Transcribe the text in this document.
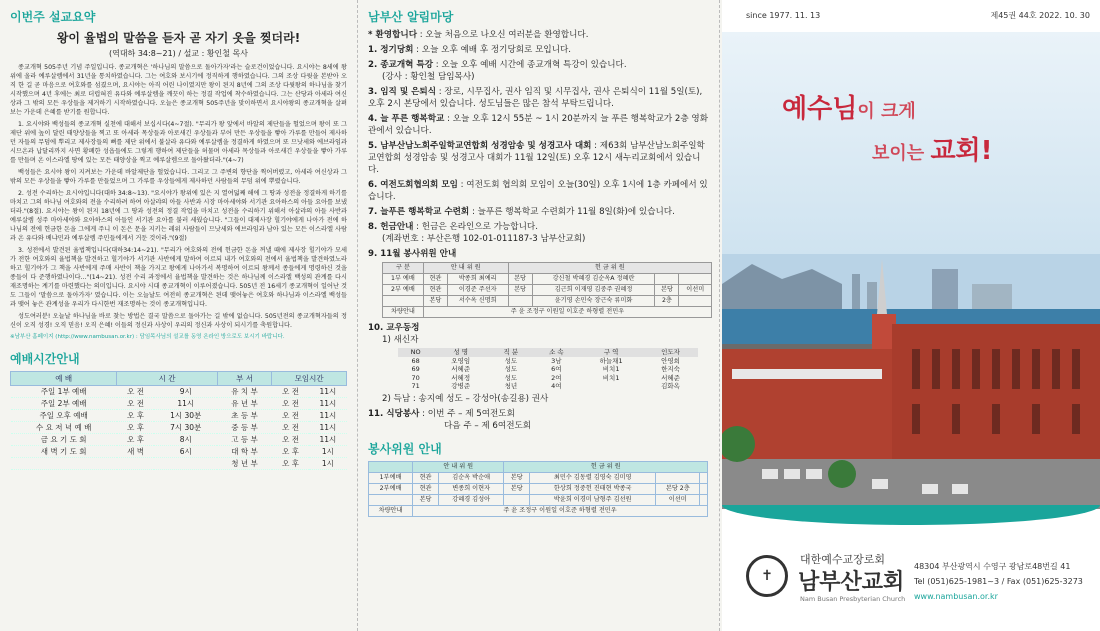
이번주 설교요약
왕이 율법의 말씀을 듣자 곧 자기 옷을 찢더라!
(역대하 34:8~21) / 설교 : 황인철 목사

종교개혁 505주년 기념 주일입니다. 종교개혁은 '하나님의 말씀으로 돌아가자'라는 슬로건이었습니다. 요시야는 8세에 왕위에 올라 예루살렘에서 31년을 통치하였습니다. 그는 여호와 보시기에 정직하게 행하였습니다. 그의 조상 다윗을 본받아 오직 한 길 곧 마음으로 여호와를 섬겼으며, 요시야는 아직 어린 나이였지만 왕이 된지 8년에 그의 조상 다윗왕의 하나님을 찾기 시작했으며 4년 후에는 최로 더럽혀진 유다와 예루살렘을 깨끗이 하는 정결 작업에 착수하였습니다. 그는 산당과 아세라 여신상과 그 밖의 모든 우상들을 제거하기 시작하였습니다. 오늘은 종교개혁 505주년을 맞이하면서 요시야왕의 종교개혁을 살펴보는 가운데 은혜를 받기를 원합니다.

1. 요시야와 백성들의 종교개혁 실천에 대해서 보십시다(4~7절). "무리가 왕 앞에서 바알의 제단들을 헐었으며 왕이 또 그 제단 위에 높이 달린 태양상들을 찍고 또 아세라 목상들과 아로새긴 우상들과 부어 만든 우상들을 빻아 가루를 만들어 제사하던 자들의 무덤에 뿌리고 제사장들의 뼈를 제단 위에서 불살라 유다와 예루살렘을 정결하게 하였으며 또 므낫세와 에브라임과 시므온과 납달리까지 사면 황폐한 성읍들에도 그렇게 행하여 제단들을 허물며 아세라 목상들과 아로새긴 우상들을 빻아 가루를 만들며 온 이스라엘 땅에 있는 모든 태양상을 찍고 예루살렘으로 돌아왔더라."(4~7)

백성들은 요시야 왕이 지켜보는 가운데 바알제단을 헐었습니다. 그리고 그 주변의 향단을 찍어버렸고, 아세라 여신상과 그 밖의 모든 우상들을 빻아 가루를 만들었으며 그 가루를 우상들에게 제사하던 사람들의 무덤 위에 뿌렸습니다.

2. 성전 수리하는 요시야입니다(대하 34:8~13). "요시야가 왕위에 있은 지 열여덟째 해에 그 땅과 성전을 정결하게 하기를 마치고 그의 하나님 여호와의 전을 수리하려 하여 아살랴의 아들 사반과 시장 마아세야와 서기관 요아하스의 아들 요아를 보냈더라."(8절). 요시야는 왕이 된지 18년에 그 땅과 성전의 정결 작업을 마치고 성전을 수리하기 위해서 아살랴의 아들 사반과 예루살렘 성주 마아세야와 요아하스의 아들인 서기관 요아를 불러 세웠습니다. "그들이 대제사장 힐기야에게 나아가 전에 하나님의 전에 헌금한 돈을 그에게 주니 이 돈은 문을 지키는 레위 사람들이 므낫세와 에브라임과 남아 있는 모든 이스라엘 사람과 온 유다와 베냐민과 예루살렘 주민들에게서 거둔 것이라."(9절)

3. 성전에서 발견된 율법책입니다(대하34:14~21). "무리가 여호와의 전에 헌금한 돈을 꺼낼 때에 제사장 힐기야가 모세가 전한 여호와의 율법책을 발견하고 힐기야가 서기관 사반에게 말하여 이르되 내가 여호와의 전에서 율법책을 발견하였노라 하고 힐기야가 그 책을 사반에게 주매 사반이 책을 가지고 왕에게 나아가서 복명하여 이르되 왕께서 종들에게 명령하신 것을 종들이 다 준행하였나이다..."(14~21). 성전 수리 과정에서 율법책을 발견하는 것은 하나님께 이스라엘 백성의 관계를 다시 재조명하는 계기를 마련했다는 의미입니다. 요시야 시대 종교개혁이 이루어졌습니다. 505년 전 16세기 종교개혁이 일어난 것도 그들이 '말씀으로 돌아가자' 였습니다. 이는 오늘날도 여전히 종교개혁은 된데 맺어놓은 여호와 하나님과 이스라엘 백성들과 맺어 놓은 관계성을 우리가 다시한번 재조명하는 것이 종교개혁입니다.

성도여러분! 오늘날 하나님을 바로 찾는 방법은 결국 말씀으로 돌아가는 길 밖에 없습니다. 505년전의 종교개혁자들의 정신이 오직 성경! 오직 믿음! 오직 은혜! 이들의 정신과 사상이 우리의 정신과 사상이 되시기를 축원합니다.

※남부산 홈페이지 (http://www.nambusan.or.kr) : 담임목사님의 설교를 동영 온라인 방으로도 보시기 바랍니다.

예배시간안내
예 배	시 간		부 서	모임시간	
주일 1부 예배	오 전	9시	유 치 부	오 전	11시
주일 2부 예배	오 전	11시	유 년 부	오 전	11시
주일 오후 예배	오 후	1시 30분	초 등 부	오 전	11시
수 요 저 녁 예 배	오 후	7시 30분	중 등 부	오 전	11시
금 요 기 도 회	오 후	8시	고 등 부	오 전	11시
새 벽 기 도 회	새 벽	6시	대 학 부	오 후	1시
			청 년 부	오 후	1시
남부산 알림마당
* 환영합니다 : 오늘 처음으로 나오신 여러분을 환영합니다.
1. 정기당회 : 오늘 오후 예배 후 정기당회로 모입니다.
2. 종교개혁 특강 : 오늘 오후 예배 시간에 종교개혁 특강이 있습니다.
(강사 : 황인철 담임목사)
3. 임직 및 은퇴식 : 장로, 시무집사, 권사 임직 및 시무집사, 권사 은퇴식이 11월 5일(토), 오후 2시 본당에서 있습니다. 성도님들은 많은 참석 부탁드립니다.
4. 늘 푸른 행복학교 : 오늘 오후 12시 55분 ~ 1시 20분까지 늘 푸른 행복학교가 2층 영화관에서 있습니다.
5. 남부산남노회주일학교연합회 성경암송 및 성경고사 대회 : 제63회 남부산남노회주일학교연합회 성경암송 및 성경고사 대회가 11월 12일(토) 오후 12시 새누리교회에서 있습니다.
6. 여전도회협의회 모임 : 여전도회 협의회 모임이 오늘(30일) 오후 1시에 1층 카페에서 있습니다.
7. 늘푸른 행복학교 수련회 : 늘푸른 행복학교 수련회가 11월 8일(화)에 있습니다.
8. 헌금안내 : 헌금은 온라인으로 가능합니다.
(계좌번호 : 부산은행 102-01-011187-3 남부산교회)
9. 11월 봉사위원 안내
구 분	안 내 위 원		헌 금 위 원			
1부 예배	현관	박종희 최예리	본당	강신철 박혜경 김순옥A 정혜란		
2부 예배	현관	이경준 주선자	본당	김근희 이재영 김중주 권혜정	본당	이선미
	본당	서수옥 신명희		윤기영 손민숙 장근숙 류미화	2층	
차량안내	주 윤 조정구 이원일 이호준 하형렬 전민우					
10. 교우동정
1) 새신자
NO	성 명	직 분	소 속	구 역	인도자
68	오영임	성도	3남	하늘채1	안영희
69	서혜준	성도	6여	비치1	한지숙
70	서혜정	성도	2여	비치1	서혜준
71	강병준	청년	4여		김화옥
2) 득남 : 송지예 성도 – 강성아(송길용) 권사
11. 식당봉사 : 이번 주 – 제 5여전도회
다음 주 – 제 6여전도회
봉사위원 안내
	안 내 위 원		헌 금 위 원			
1부예배	현관	김순옥 박순애	본당	최민수 김동렬 김영숙 김미영		
2부예배	현관	변종희 이현자	본당	한상희 정중헌 진태현 박종국	본당 2층	
	본당	강혜경 김성아		박윤희 이경미 남형주 김선원	이선미	
차량안내	주 윤 조정구 이원일 이호준 하형렬 전민우					
since 1977. 11. 13	제45권 44호 2022. 10. 30
예수님이 크게
보이는 교회!
✝
대한예수교장로회
남부산교회
Nam Busan Presbyterian Church
48304 부산광역시 수영구 광남로48번길 41
Tel (051)625-1981~3 / Fax (051)625-3273
www.nambusan.or.kr
